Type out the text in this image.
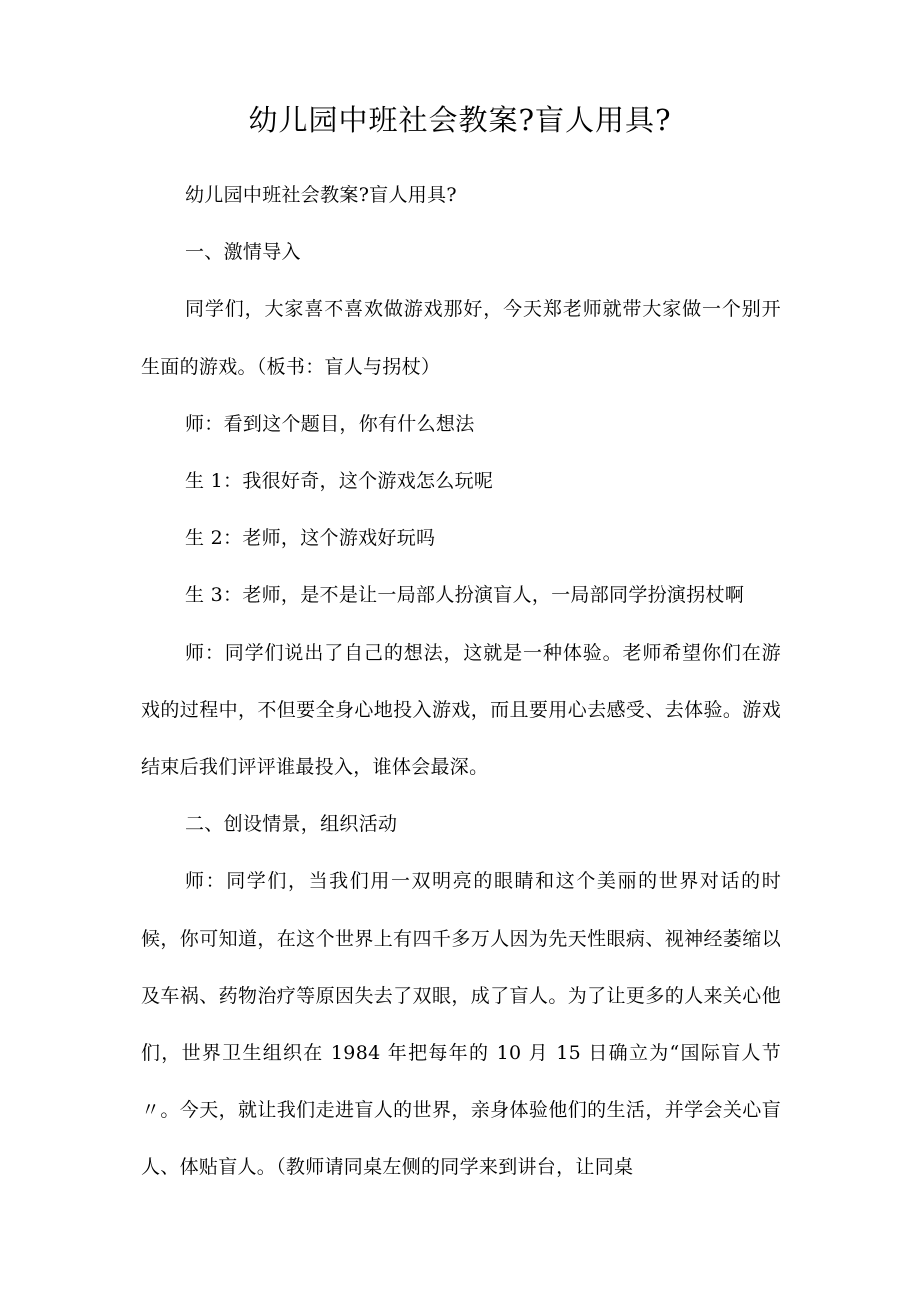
幼儿园中班社会教案?盲人用具?

幼儿园中班社会教案?盲人用具?

一、激情导入

同学们，大家喜不喜欢做游戏那好，今天郑老师就带大家做一个别开生面的游戏。（板书：盲人与拐杖）

师：看到这个题目，你有什么想法

生 1：我很好奇，这个游戏怎么玩呢

生 2：老师，这个游戏好玩吗

生 3：老师，是不是让一局部人扮演盲人，一局部同学扮演拐杖啊

师：同学们说出了自己的想法，这就是一种体验。老师希望你们在游戏的过程中，不但要全身心地投入游戏，而且要用心去感受、去体验。游戏结束后我们评评谁最投入，谁体会最深。

二、创设情景，组织活动

师：同学们，当我们用一双明亮的眼睛和这个美丽的世界对话的时候，你可知道，在这个世界上有四千多万人因为先天性眼病、视神经萎缩以及车祸、药物治疗等原因失去了双眼，成了盲人。为了让更多的人来关心他们，世界卫生组织在 1984 年把每年的 10 月 15 日确立为“国际盲人节〃。今天，就让我们走进盲人的世界，亲身体验他们的生活，并学会关心盲人、体贴盲人。（教师请同桌左侧的同学来到讲台，让同桌
